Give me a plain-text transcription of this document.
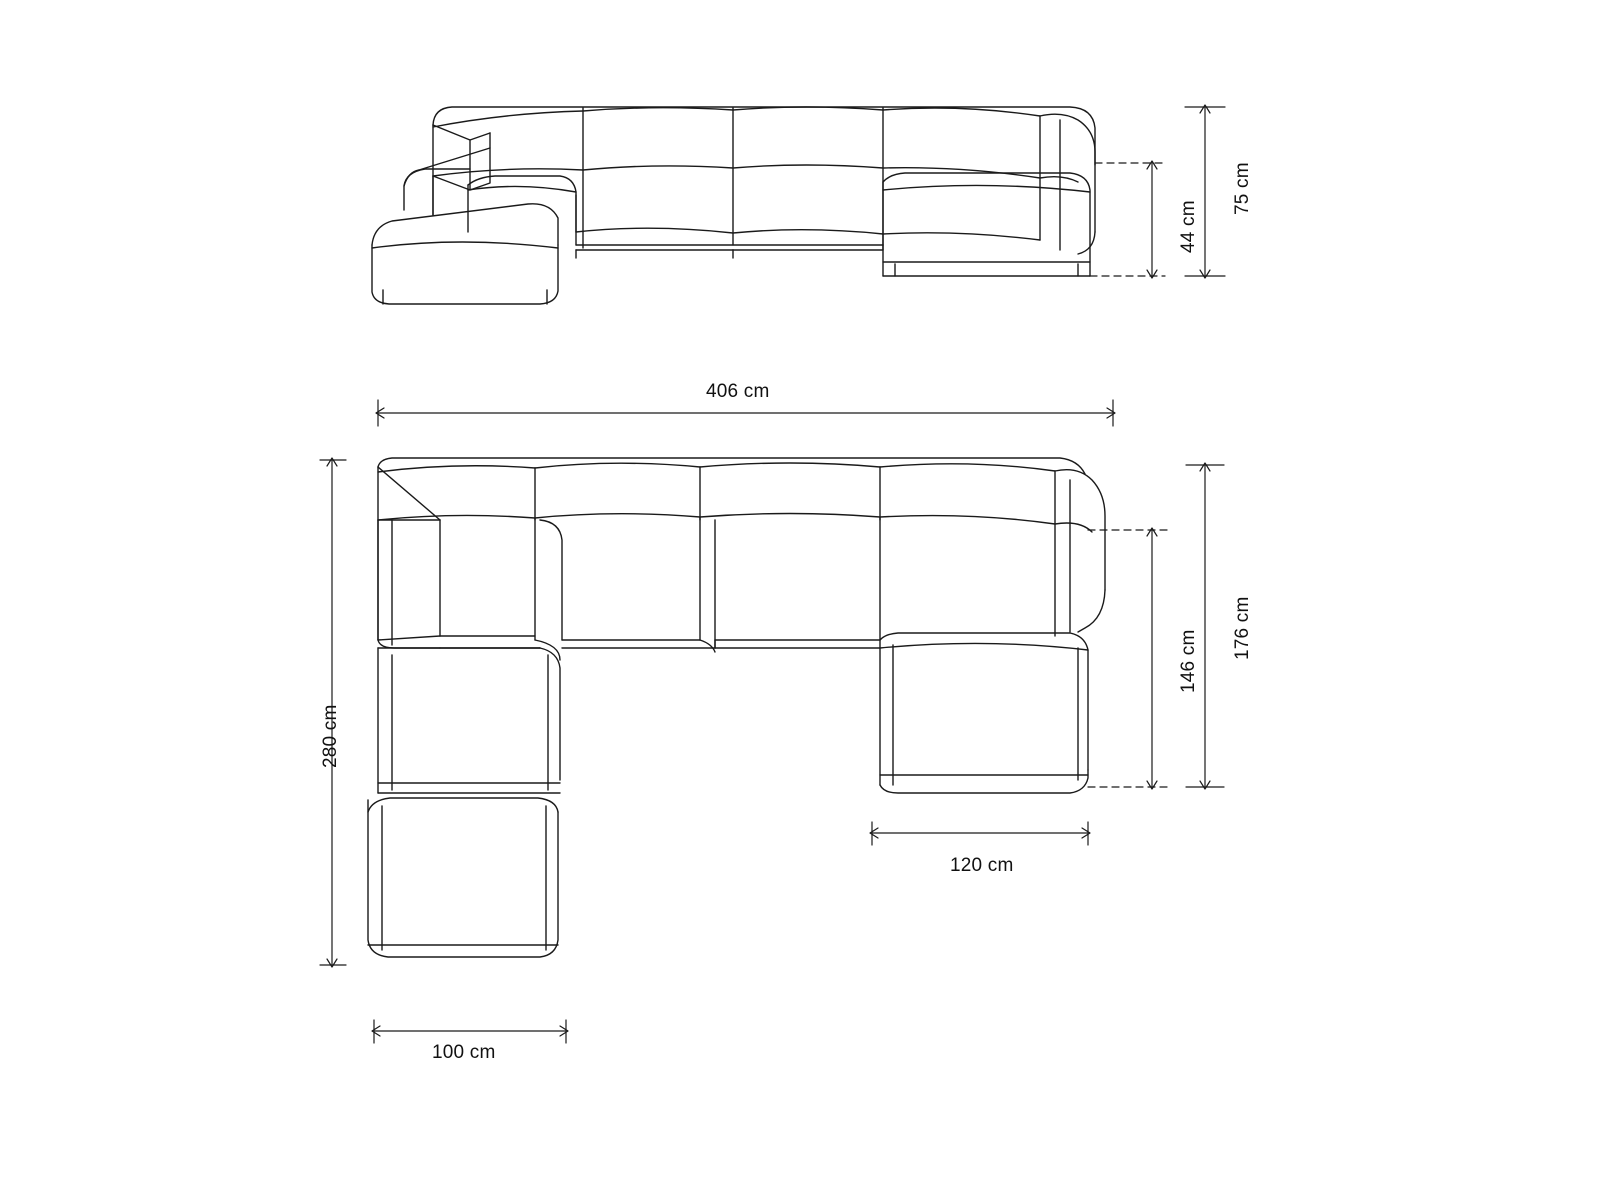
75 cm
44 cm
406 cm
280 cm
176 cm
146 cm
120 cm
100 cm
